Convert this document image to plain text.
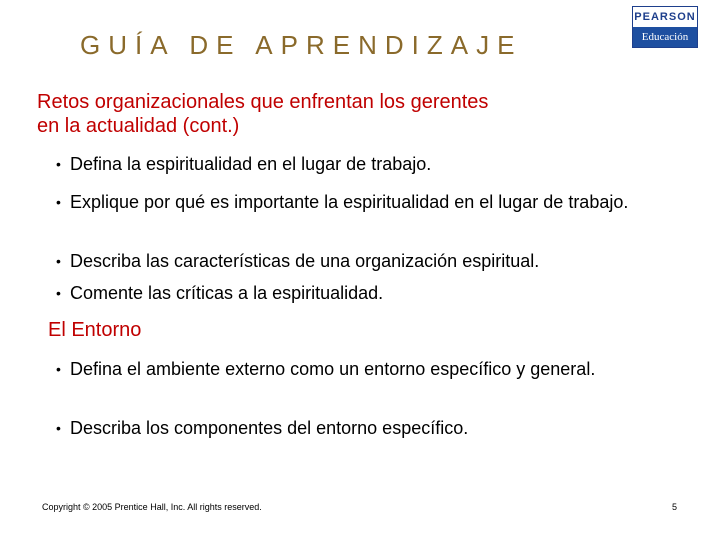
GUÍA DE APRENDIZAJE
PEARSON
Educación
Retos organizacionales que enfrentan los gerentes
en la actualidad (cont.)
• Defina la espiritualidad en el lugar de trabajo.
• Explique por qué es importante la espiritualidad en el lugar de trabajo.
• Describa las características de una organización espiritual.
• Comente las críticas a la espiritualidad.
El Entorno
• Defina el ambiente externo como un entorno específico y general.
• Describa los componentes del entorno específico.
Copyright © 2005 Prentice Hall, Inc. All rights reserved.	5
